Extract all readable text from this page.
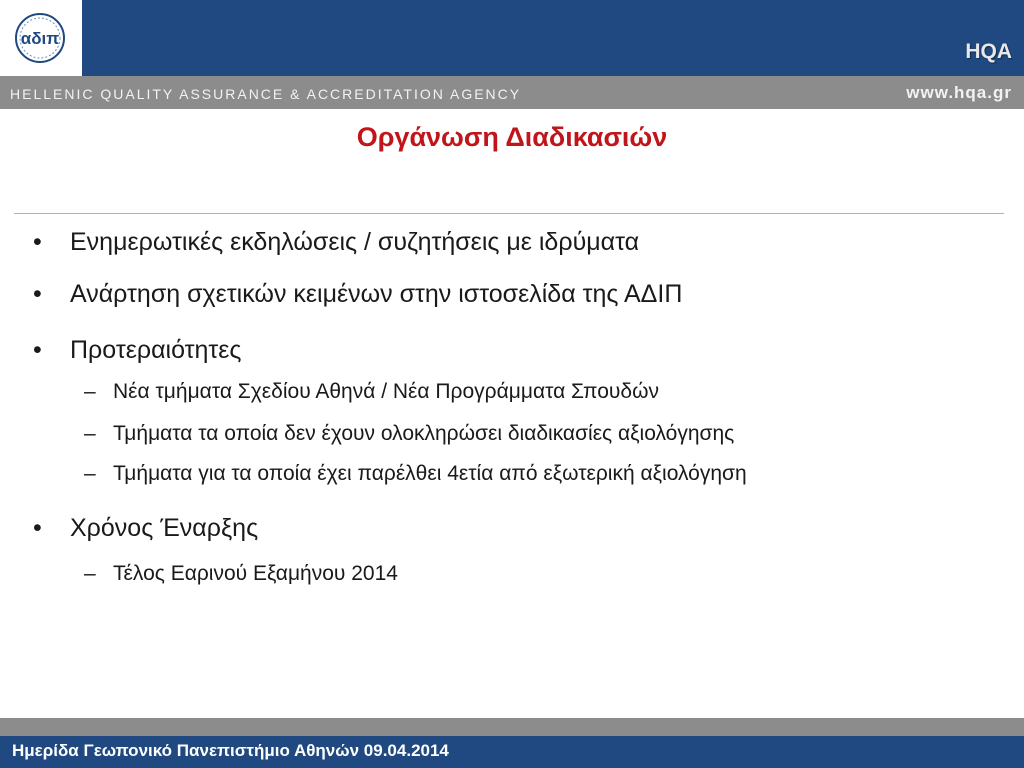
αδιπ
HQA
HELLENIC QUALITY ASSURANCE & ACCREDITATION AGENCY	www.hqa.gr
Οργάνωση Διαδικασιών
• Ενημερωτικές εκδηλώσεις / συζητήσεις με ιδρύματα
• Ανάρτηση σχετικών κειμένων στην ιστοσελίδα της ΑΔΙΠ
• Προτεραιότητες
– Νέα τμήματα Σχεδίου Αθηνά / Νέα Προγράμματα Σπουδών
– Τμήματα τα οποία δεν έχουν ολοκληρώσει διαδικασίες αξιολόγησης
– Τμήματα για τα οποία έχει παρέλθει 4ετία από εξωτερική αξιολόγηση
• Χρόνος Έναρξης
– Τέλος Εαρινού Εξαμήνου 2014
Ημερίδα Γεωπονικό Πανεπιστήμιο Αθηνών 09.04.2014
